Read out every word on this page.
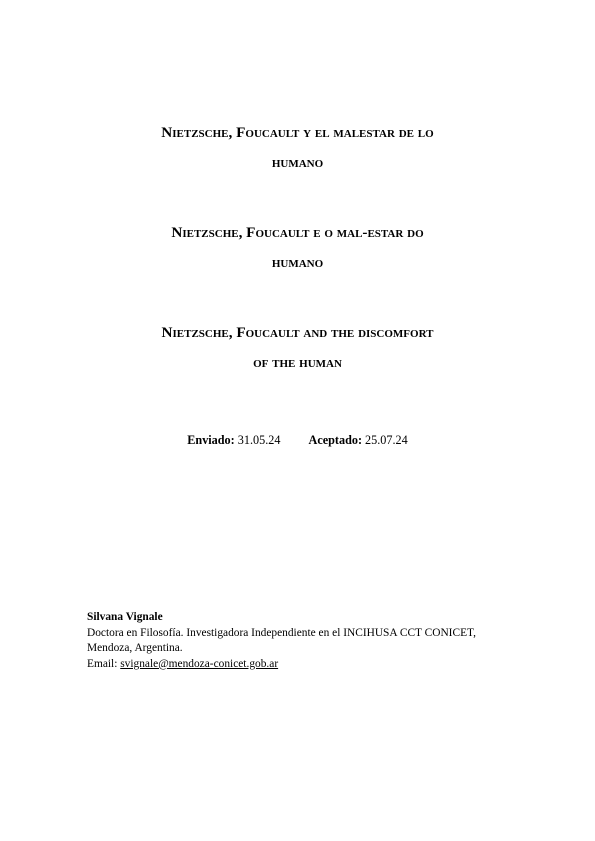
Nietzsche, Foucault y el malestar de lo
humano
Nietzsche, Foucault e o mal-estar do
humano
Nietzsche, Foucault and the discomfort
of the human
Enviado: 31.05.24 Aceptado: 25.07.24
Silvana Vignale
Doctora en Filosofía. Investigadora Independiente en el INCIHUSA CCT CONICET,
Mendoza, Argentina.
Email: svignale@mendoza-conicet.gob.ar
